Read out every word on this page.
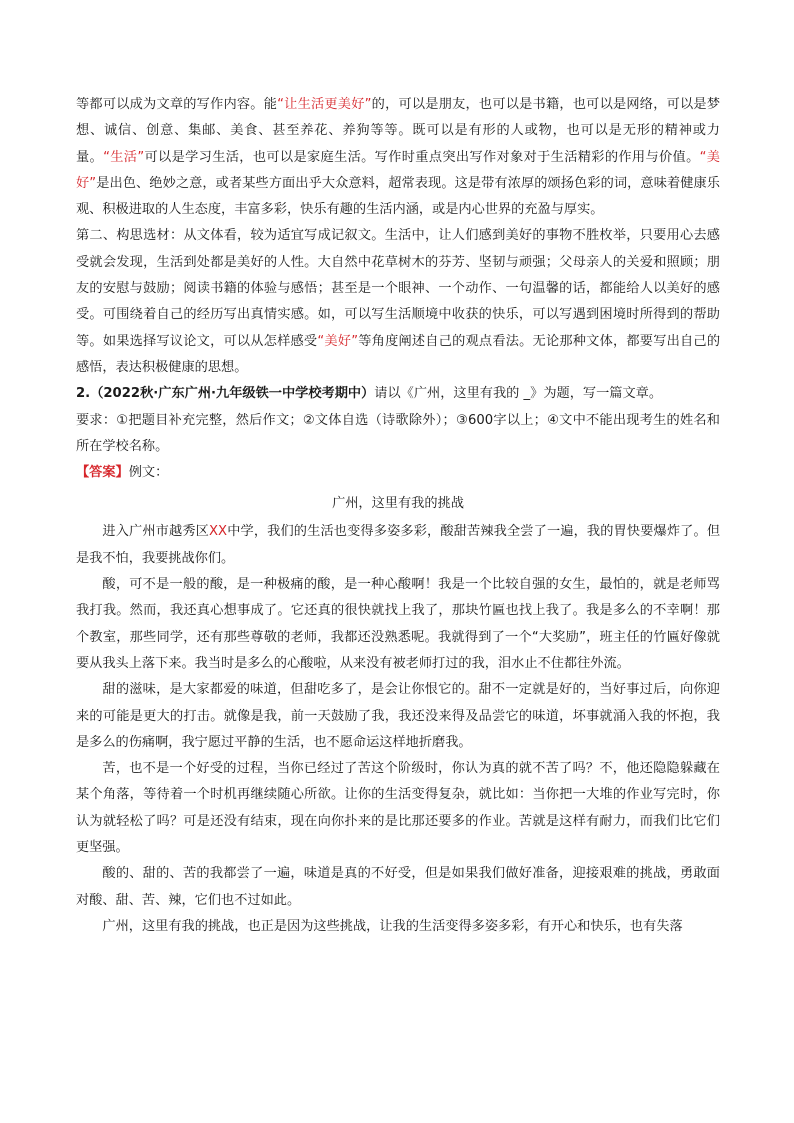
等都可以成为文章的写作内容。能“让生活更美好”的，可以是朋友，也可以是书籍，也可以是网络，可以是梦想、诚信、创意、集邮、美食、甚至养花、养狗等等。既可以是有形的人或物，也可以是无形的精神或力量。“生活”可以是学习生活，也可以是家庭生活。写作时重点突出写作对象对于生活精彩的作用与价值。“美好”是出色、绝妙之意，或者某些方面出乎大众意料，超常表现。这是带有浓厚的颂扬色彩的词，意味着健康乐观、积极进取的人生态度，丰富多彩，快乐有趣的生活内涵，或是内心世界的充盈与厚实。

第二、构思选材：从文体看，较为适宜写成记叙文。生活中，让人们感到美好的事物不胜枚举，只要用心去感受就会发现，生活到处都是美好的人性。大自然中花草树木的芬芳、坚韧与顽强；父母亲人的关爱和照顾；朋友的安慰与鼓励；阅读书籍的体验与感悟；甚至是一个眼神、一个动作、一句温馨的话，都能给人以美好的感受。可围绕着自己的经历写出真情实感。如，可以写生活顺境中收获的快乐，可以写遇到困境时所得到的帮助等。如果选择写议论文，可以从怎样感受“美好”等角度阐述自己的观点看法。无论那种文体，都要写出自己的感悟，表达积极健康的思想。

2.（2022秋·广东广州·九年级铁一中学校考期中）请以《广州，这里有我的 _》为题，写一篇文章。

要求：①把题目补充完整，然后作文；②文体自选（诗歌除外）；③600字以上；④文中不能出现考生的姓名和所在学校名称。

【答案】例文：

广州，这里有我的挑战

进入广州市越秀区XX中学，我们的生活也变得多姿多彩，酸甜苦辣我全尝了一遍，我的胃快要爆炸了。但是我不怕，我要挑战你们。

酸，可不是一般的酸，是一种极痛的酸，是一种心酸啊！我是一个比较自强的女生，最怕的，就是老师骂我打我。然而，我还真心想事成了。它还真的很快就找上我了，那块竹匾也找上我了。我是多么的不幸啊！那个教室，那些同学，还有那些尊敬的老师，我都还没熟悉呢。我就得到了一个“大奖励”，班主任的竹匾好像就要从我头上落下来。我当时是多么的心酸啦，从来没有被老师打过的我，泪水止不住都往外流。

甜的滋味，是大家都爱的味道，但甜吃多了，是会让你恨它的。甜不一定就是好的，当好事过后，向你迎来的可能是更大的打击。就像是我，前一天鼓励了我，我还没来得及品尝它的味道，坏事就涌入我的怀抱，我是多么的伤痛啊，我宁愿过平静的生活，也不愿命运这样地折磨我。

苦，也不是一个好受的过程，当你已经过了苦这个阶级时，你认为真的就不苦了吗？不，他还隐隐躲藏在某个角落，等待着一个时机再继续随心所欲。让你的生活变得复杂，就比如：当你把一大堆的作业写完时，你认为就轻松了吗？可是还没有结束，现在向你扑来的是比那还要多的作业。苦就是这样有耐力，而我们比它们更坚强。

酸的、甜的、苦的我都尝了一遍，味道是真的不好受，但是如果我们做好准备，迎接艰难的挑战，勇敢面对酸、甜、苦、辣，它们也不过如此。

广州，这里有我的挑战，也正是因为这些挑战，让我的生活变得多姿多彩，有开心和快乐，也有失落
